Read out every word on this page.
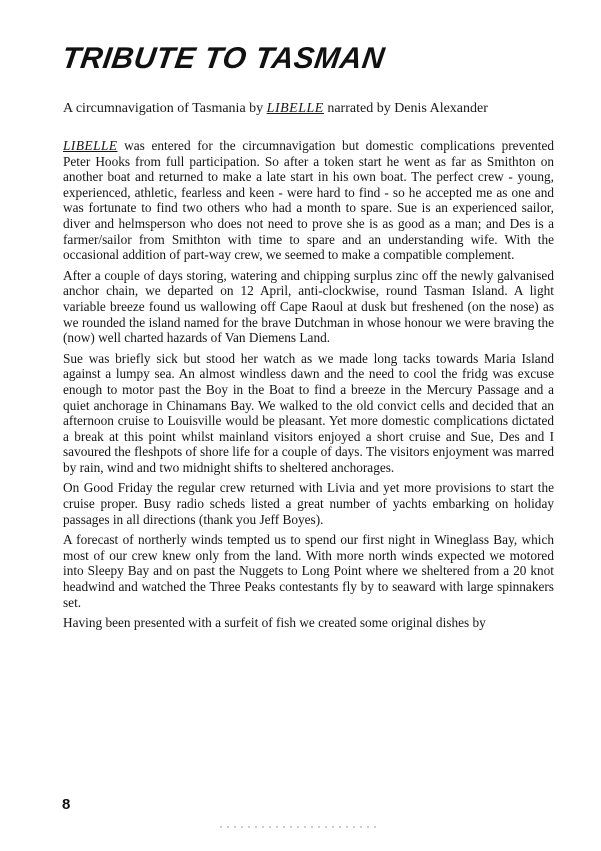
TRIBUTE TO TASMAN
A circumnavigation of Tasmania by LIBELLE narrated by Denis Alexander

LIBELLE was entered for the circumnavigation but domestic complications prevented Peter Hooks from full participation. So after a token start he went as far as Smithton on another boat and returned to make a late start in his own boat. The perfect crew - young, experienced, athletic, fearless and keen - were hard to find - so he accepted me as one and was fortunate to find two others who had a month to spare. Sue is an experienced sailor, diver and helmsperson who does not need to prove she is as good as a man; and Des is a farmer/sailor from Smithton with time to spare and an understanding wife. With the occasional addition of part-way crew, we seemed to make a compatible complement.

After a couple of days storing, watering and chipping surplus zinc off the newly galvanised anchor chain, we departed on 12 April, anti-clockwise, round Tasman Island. A light variable breeze found us wallowing off Cape Raoul at dusk but freshened (on the nose) as we rounded the island named for the brave Dutchman in whose honour we were braving the (now) well charted hazards of Van Diemens Land.

Sue was briefly sick but stood her watch as we made long tacks towards Maria Island against a lumpy sea. An almost windless dawn and the need to cool the fridg was excuse enough to motor past the Boy in the Boat to find a breeze in the Mercury Passage and a quiet anchorage in Chinamans Bay. We walked to the old convict cells and decided that an afternoon cruise to Louisville would be pleasant. Yet more domestic complications dictated a break at this point whilst mainland visitors enjoyed a short cruise and Sue, Des and I savoured the fleshpots of shore life for a couple of days. The visitors enjoyment was marred by rain, wind and two midnight shifts to sheltered anchorages.

On Good Friday the regular crew returned with Livia and yet more provisions to start the cruise proper. Busy radio scheds listed a great number of yachts embarking on holiday passages in all directions (thank you Jeff Boyes).

A forecast of northerly winds tempted us to spend our first night in Wineglass Bay, which most of our crew knew only from the land. With more north winds expected we motored into Sleepy Bay and on past the Nuggets to Long Point where we sheltered from a 20 knot headwind and watched the Three Peaks contestants fly by to seaward with large spinnakers set.

Having been presented with a surfeit of fish we created some original dishes by

8
